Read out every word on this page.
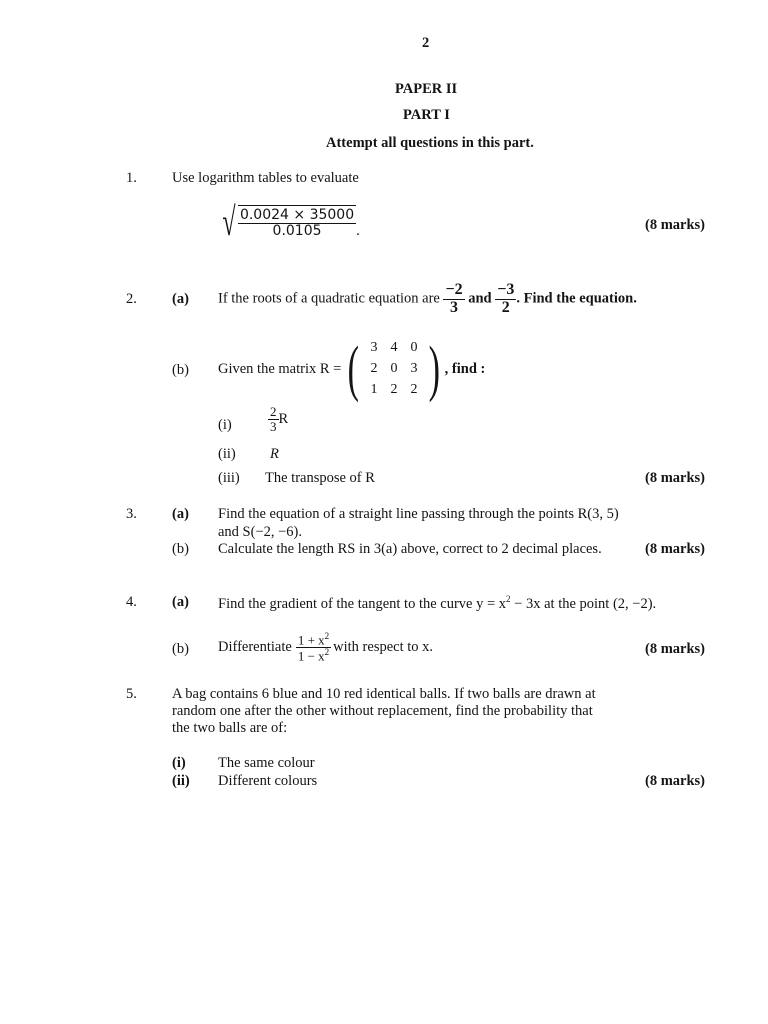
2
PAPER II
PART I
Attempt all questions in this part.
1. Use logarithm tables to evaluate
√ $\frac{0.0024 \times 35000}{0.0105}$ .	(8 marks)
2. (a) If the roots of a quadratic equation are $\frac{-2}{3}$ and $\frac{-3}{2}$ . Find the equation.
(b) Given the matrix R = ( 3 4 0
2 0 3
1 2 2 ) , find :
(i)	$\frac{2}{3}$ R
(ii) R
(iii) The transpose of R	(8 marks)
3. (a) Find the equation of a straight line passing through the points R(3, 5)
and S(−2, −6).
(b) Calculate the length RS in 3(a) above, correct to 2 decimal places.	(8 marks)
4. (a) Find the gradient of the tangent to the curve $y = x^2 - 3x$ at the point (2, −2).
(b) Differentiate $\frac{1 + x^2}{1 - x^2}$ with respect to x.	(8 marks)
5. A bag contains 6 blue and 10 red identical balls. If two balls are drawn at
random one after the other without replacement, find the probability that
the two balls are of:
(i) The same colour
(ii) Different colours	(8 marks)
